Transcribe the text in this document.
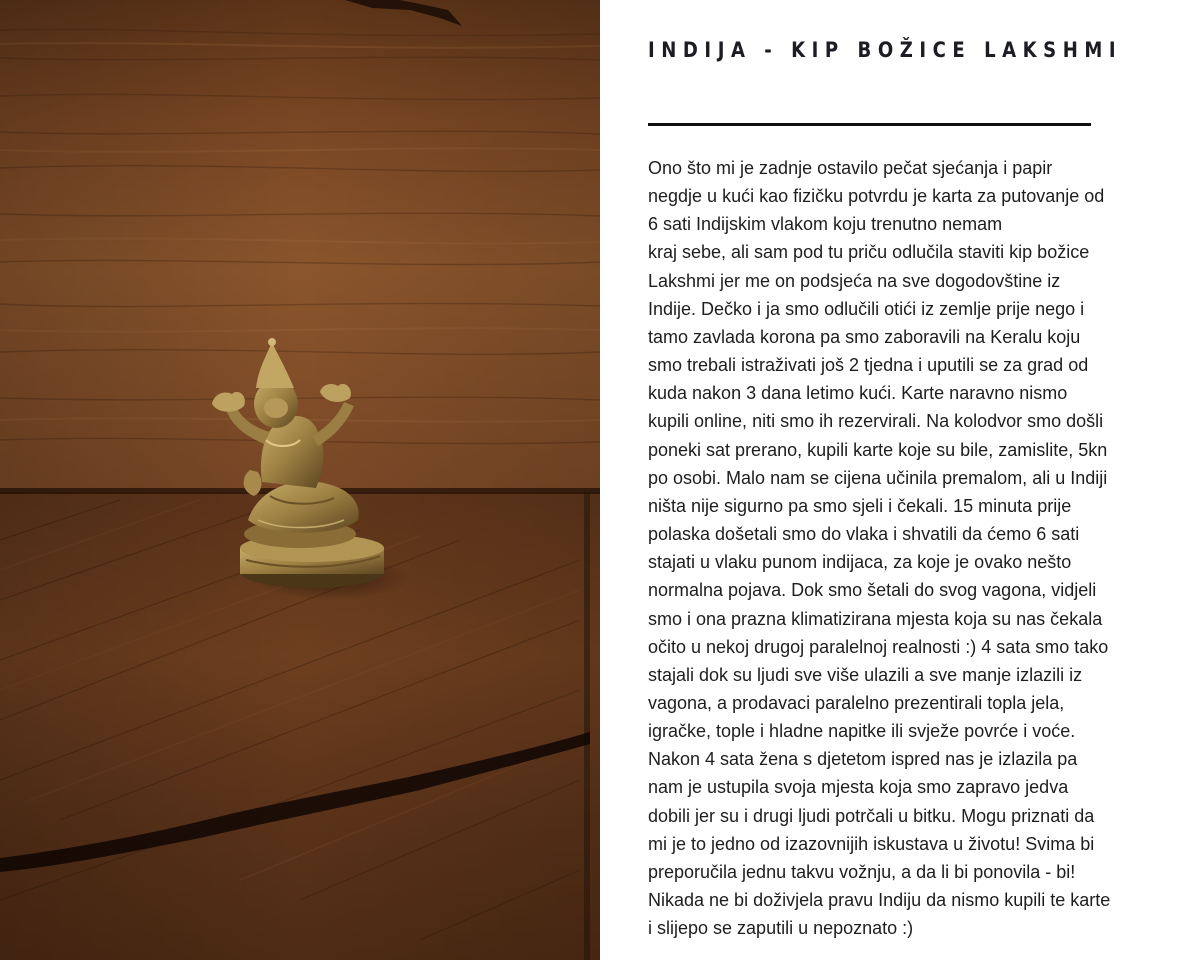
INDIJA - KIP BOŽICE LAKSHMI
Ono što mi je zadnje ostavilo pečat sjećanja i papir
negdje u kući kao fizičku potvrdu je karta za putovanje od
6 sati Indijskim vlakom koju trenutno nemam
kraj sebe, ali sam pod tu priču odlučila staviti kip božice
Lakshmi jer me on podsjeća na sve dogodovštine iz
Indije. Dečko i ja smo odlučili otići iz zemlje prije nego i
tamo zavlada korona pa smo zaboravili na Keralu koju
smo trebali istraživati još 2 tjedna i uputili se za grad od
kuda nakon 3 dana letimo kući. Karte naravno nismo
kupili online, niti smo ih rezervirali. Na kolodvor smo došli
poneki sat prerano, kupili karte koje su bile, zamislite, 5kn
po osobi. Malo nam se cijena učinila premalom, ali u Indiji
ništa nije sigurno pa smo sjeli i čekali. 15 minuta prije
polaska došetali smo do vlaka i shvatili da ćemo 6 sati
stajati u vlaku punom indijaca, za koje je ovako nešto
normalna pojava. Dok smo šetali do svog vagona, vidjeli
smo i ona prazna klimatizirana mjesta koja su nas čekala
očito u nekoj drugoj paralelnoj realnosti :) 4 sata smo tako
stajali dok su ljudi sve više ulazili a sve manje izlazili iz
vagona, a prodavaci paralelno prezentirali topla jela,
igračke, tople i hladne napitke ili svježe povrće i voće.
Nakon 4 sata žena s djetetom ispred nas je izlazila pa
nam je ustupila svoja mjesta koja smo zapravo jedva
dobili jer su i drugi ljudi potrčali u bitku. Mogu priznati da
mi je to jedno od izazovnijih iskustava u životu! Svima bi
preporučila jednu takvu vožnju, a da li bi ponovila - bi!
Nikada ne bi doživjela pravu Indiju da nismo kupili te karte
i slijepo se zaputili u nepoznato :)
